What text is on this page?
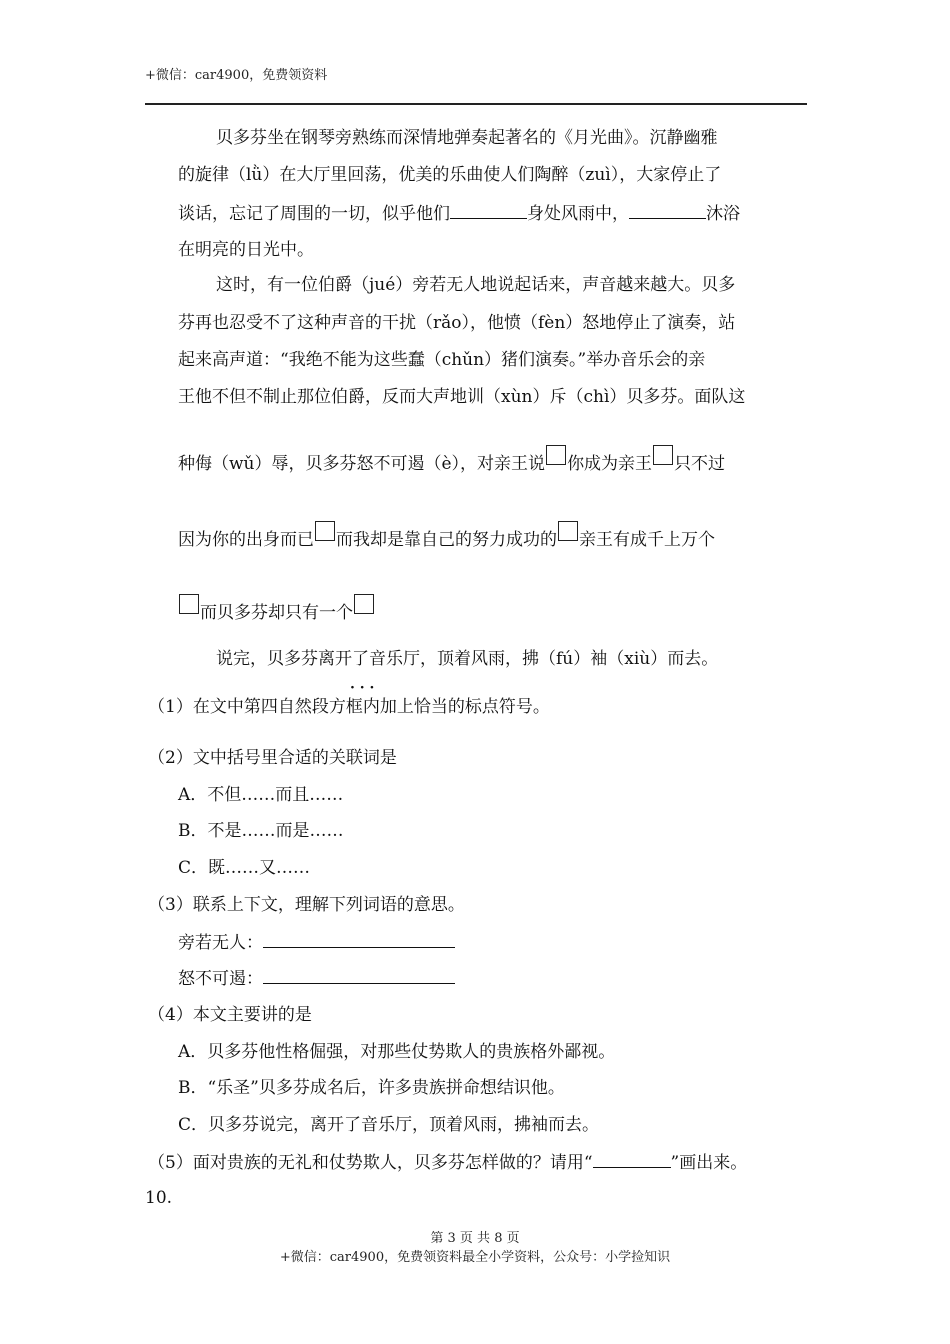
+微信：car4900，免费领资料
贝多芬坐在钢琴旁熟练而深情地弹奏起著名的《月光曲》。沉静幽雅
的旋律（lǜ）在大厅里回荡，优美的乐曲使人们陶醉（zuì），大家停止了
谈话，忘记了周围的一切，似乎他们	身处风雨中，	沐浴
在明亮的日光中。
这时，有一位伯爵（jué）旁若无人地说起话来，声音越来越大。贝多
芬再也忍受不了这种声音的干扰（rǎo），他愤（fèn）怒地停止了演奏，站
起来高声道：“我绝不能为这些蠢（chǔn）猪们演奏。”举办音乐会的亲
王他不但不制止那位伯爵，反而大声地训（xùn）斥（chì）贝多芬。面队这
种侮（wǔ）辱，贝多芬怒不可遏（è），对亲王说 你成为亲王 只不过
因为你的出身而已 而我却是靠自己的努力成功的 亲王有成千上万个
而贝多芬却只有一个
说完，贝多芬离开了音乐厅，顶着风雨，拂（fú）袖（xiù）而去。
· · ·
（1）在文中第四自然段方框内加上恰当的标点符号。
（2）文中括号里合适的关联词是
A．不但……而且……
B．不是……而是……
C．既……又……
（3）联系上下文，理解下列词语的意思。
旁若无人：
怒不可遏：
（4）本文主要讲的是
A．贝多芬他性格倔强，对那些仗势欺人的贵族格外鄙视。
B．“乐圣”贝多芬成名后，许多贵族拼命想结识他。
C．贝多芬说完，离开了音乐厅，顶着风雨，拂袖而去。
（5）面对贵族的无礼和仗势欺人，贝多芬怎样做的？请用“	”画出来。
10.
第 3 页 共 8 页
+微信：car4900，免费领资料最全小学资料，公众号：小学捡知识
